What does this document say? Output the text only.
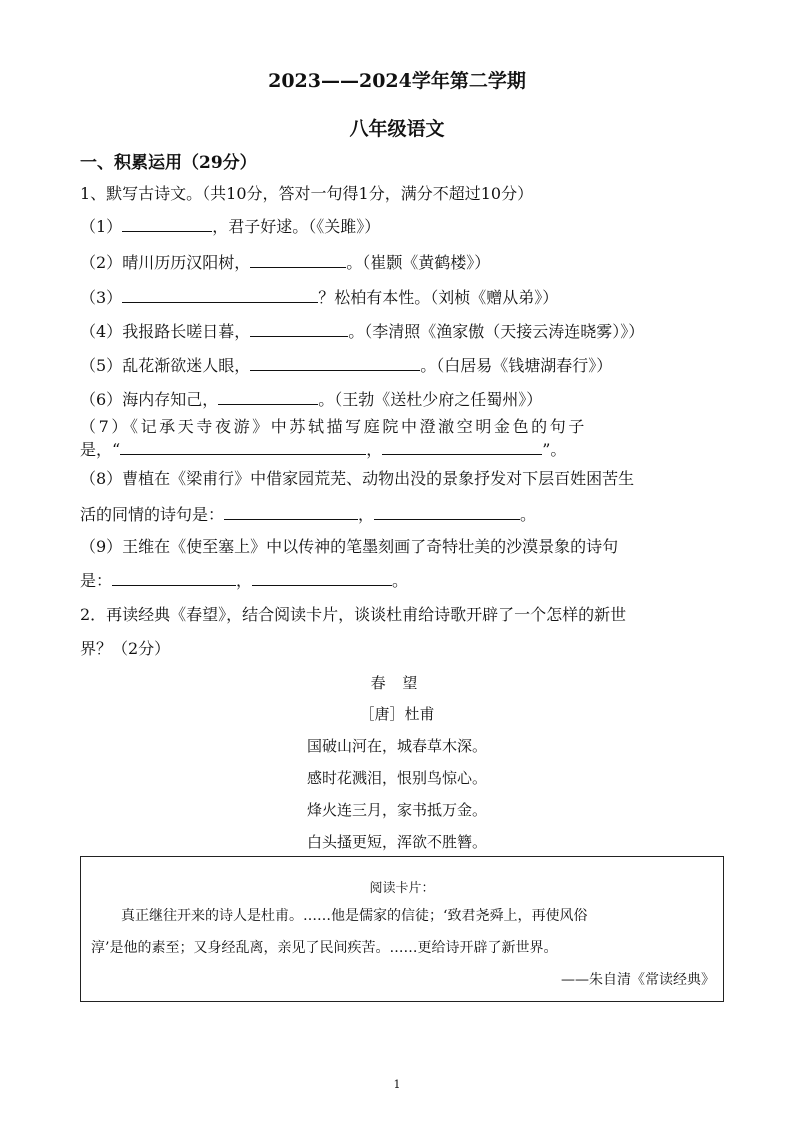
2023——2024学年第二学期
八年级语文
一、积累运用（29分）
1、默写古诗文。（共10分，答对一句得1分，满分不超过10分）
（1）	，君子好逑。（《关雎》）
（2）晴川历历汉阳树，	。（崔颢《黄鹤楼》）
（3）	？松柏有本性。（刘桢《赠从弟》）
（4）我报路长嗟日暮，	。（李清照《渔家傲（天接云涛连晓雾）》）
（5）乱花渐欲迷人眼，	。（白居易《钱塘湖春行》）
（6）海内存知己，	。（王勃《送杜少府之任蜀州》）
（7）《记承天寺夜游》中苏轼描写庭院中澄澈空明金色的句子
是，“	，	”。
（8）曹植在《梁甫行》中借家园荒芜、动物出没的景象抒发对下层百姓困苦生
活的同情的诗句是：	，	。
（9）王维在《使至塞上》中以传神的笔墨刻画了奇特壮美的沙漠景象的诗句
是：	，	。
2．再读经典《春望》，结合阅读卡片，谈谈杜甫给诗歌开辟了一个怎样的新世
界？（2分）
春 望
［唐］杜甫
国破山河在，城春草木深。
感时花溅泪，恨别鸟惊心。
烽火连三月，家书抵万金。
白头搔更短，浑欲不胜簪。
阅读卡片：
真正继往开来的诗人是杜甫。……他是儒家的信徒；‘致君尧舜上，再使风俗
淳’是他的素至；又身经乱离，亲见了民间疾苦。……更给诗开辟了新世界。
——朱自清《常读经典》
1
